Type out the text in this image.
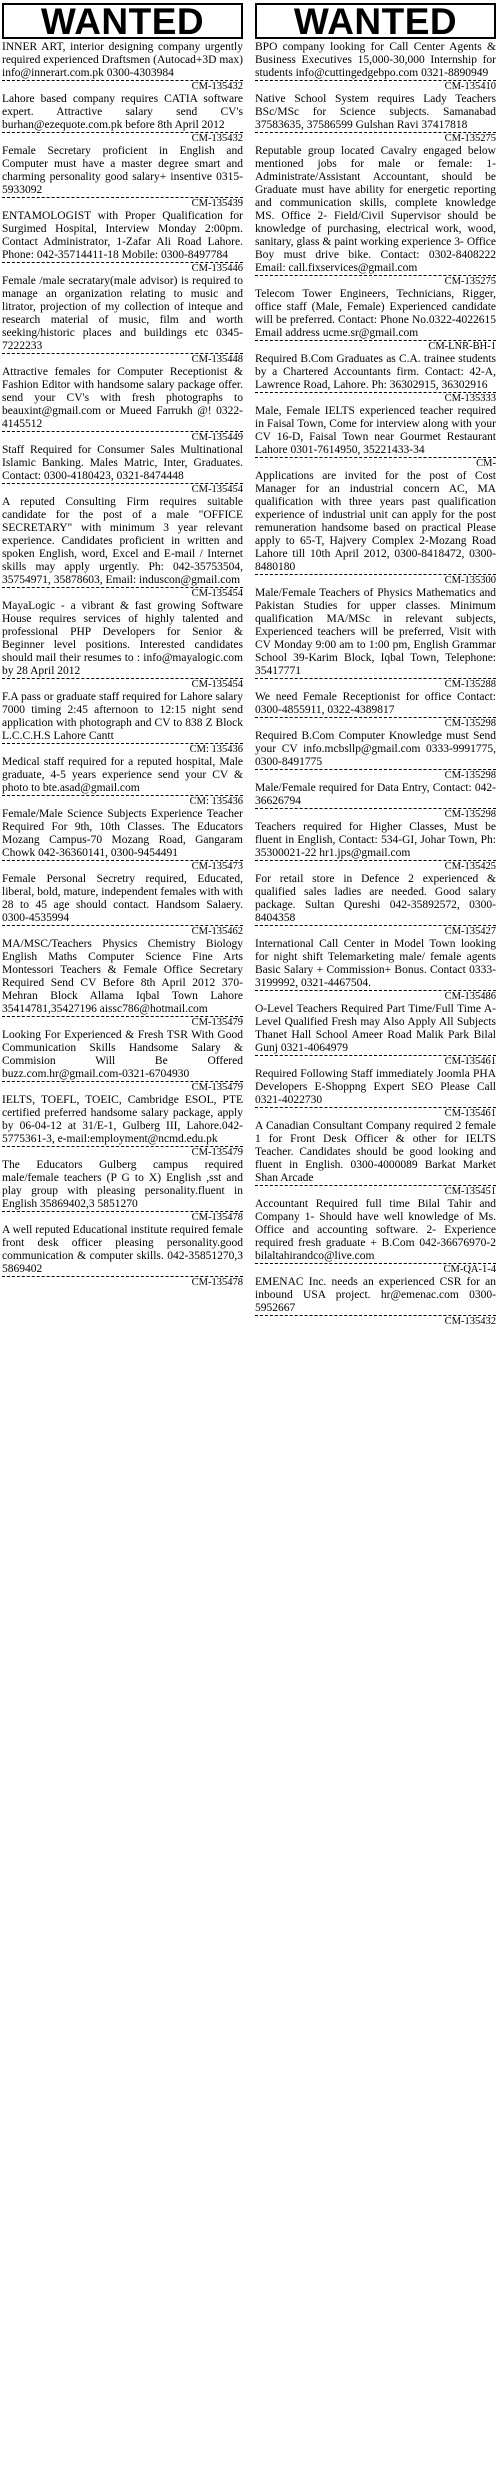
WANTED
INNER ART, interior designing company urgently required experienced Draftsmen (Autocad+3D max) info@innerart.com.pk 0300-4303984
CM-135432
Lahore based company requires CATIA software expert. Attractive salary send CV's burhan@ezequote.com.pk before 8th April 2012
CM-135432
Female Secretary proficient in English and Computer must have a master degree smart and charming personality good salary+ insentive 0315-5933092
CM-135439
ENTAMOLOGIST with Proper Qualification for Surgimed Hospital, Interview Monday 2:00pm. Contact Administrator, 1-Zafar Ali Road Lahore. Phone: 042-35714411-18 Mobile: 0300-8497784
CM-135446
Female /male secratary(male advisor) is required to manage an organization relating to music and litrator, projection of my collection of inteque and research material of music, film and worth seeking/historic places and buildings etc 0345-7222233
CM-135448
Attractive females for Computer Receptionist & Fashion Editor with handsome salary package offer. send your CV's with fresh photographs to beauxint@gmail.com or Mueed Farrukh @! 0322-4145512
CM-135449
Staff Required for Consumer Sales Multinational Islamic Banking. Males Matric, Inter, Graduates. Contact: 0300-4180423, 0321-8474448
CM-135454
A reputed Consulting Firm requires suitable candidate for the post of a male "OFFICE SECRETARY" with minimum 3 year relevant experience. Candidates proficient in written and spoken English, word, Excel and E-mail / Internet skills may apply urgently. Ph: 042-35753504, 35754971, 35878603, Email: induscon@gmail.com
CM-135454
MayaLogic - a vibrant & fast growing Software House requires services of highly talented and professional PHP Developers for Senior & Beginner level positions. Interested candidates should mail their resumes to : info@mayalogic.com by 28 April 2012
CM-135454
F.A pass or graduate staff required for Lahore salary 7000 timing 2:45 afternoon to 12:15 night send application with photograph and CV to 838 Z Block L.C.C.H.S Lahore Cantt
CM: 135436
Medical staff required for a reputed hospital, Male graduate, 4-5 years experience send your CV & photo to bte.asad@gmail.com
CM: 135436
Female/Male Science Subjects Experience Teacher Required For 9th, 10th Classes. The Educators Mozang Campus-70 Mozang Road, Gangaram Chowk 042-36360141, 0300-9454491
CM-135473
Female Personal Secretry required, Educated, liberal, bold, mature, independent females with with 28 to 45 age should contact. Handsom Salaery. 0300-4535994
CM-135462
MA/MSC/Teachers Physics Chemistry Biology English Maths Computer Science Fine Arts Montessori Teachers & Female Office Secretary Required Send CV Before 8th April 2012 370-Mehran Block Allama Iqbal Town Lahore 35414781,35427196 aissc786@hotmail.com
CM-135479
Looking For Experienced & Fresh TSR With Good Communication Skills Handsome Salary & Commision Will Be Offered buzz.com.hr@gmail.com-0321-6704930
CM-135479
IELTS, TOEFL, TOEIC, Cambridge ESOL, PTE certified preferred handsome salary package, apply by 06-04-12 at 31/E-1, Gulberg III, Lahore.042-5775361-3, e-mail:employment@ncmd.edu.pk
CM-135479
The Educators Gulberg campus required male/female teachers (P G to X) English ,sst and play group with pleasing personality.fluent in English 35869402,3 5851270
CM-135478
A well reputed Educational institute required female front desk officer pleasing personality.good communication & computer skills. 042-35851270,3 5869402
CM-135478
WANTED
BPO company looking for Call Center Agents & Business Executives 15,000-30,000 Internship for students info@cuttingedgebpo.com 0321-8890949
CM-135410
Native School System requires Lady Teachers BSc/MSc for Science subjects. Samanabad 37583635, 37586599 Gulshan Ravi 37417818
CM-135275
Reputable group located Cavalry engaged below mentioned jobs for male or female: 1-Administrate/Assistant Accountant, should be Graduate must have ability for energetic reporting and communication skills, complete knowledge MS. Office 2- Field/Civil Supervisor should be knowledge of purchasing, electrical work, wood, sanitary, glass & paint working experience 3- Office Boy must drive bike. Contact: 0302-8408222 Email: call.fixservices@gmail.com
CM-135275
Telecom Tower Engineers, Technicians, Rigger, office staff (Male, Female) Experienced candidate will be preferred. Contact: Phone No.0322-4022615 Email address ucme.sr@gmail.com
CM-LNR-BH-1
Required B.Com Graduates as C.A. trainee students by a Chartered Accountants firm. Contact: 42-A, Lawrence Road, Lahore. Ph: 36302915, 36302916
CM-135333
Male, Female IELTS experienced teacher required in Faisal Town, Come for interview along with your CV 16-D, Faisal Town near Gourmet Restaurant Lahore 0301-7614950, 35221433-34
CM-
Applications are invited for the post of Cost Manager for an industrial concern AC, MA qualification with three years past qualification experience of industrial unit can apply for the post remuneration handsome based on practical Please apply to 65-T, Hajvery Complex 2-Mozang Road Lahore till 10th April 2012, 0300-8418472, 0300-8480180
CM-135300
Male/Female Teachers of Physics Mathematics and Pakistan Studies for upper classes. Minimum qualification MA/MSc in relevant subjects, Experienced teachers will be preferred, Visit with CV Monday 9:00 am to 1:00 pm, English Grammar School 39-Karim Block, Iqbal Town, Telephone: 35417771
CM-135288
We need Female Receptionist for office Contact: 0300-4855911, 0322-4389817
CM-135298
Required B.Com Computer Knowledge must Send your CV info.mcbsllp@gmail.com 0333-9991775, 0300-8491775
CM-135298
Male/Female required for Data Entry, Contact: 042-36626794
CM-135298
Teachers required for Higher Classes, Must be fluent in English, Contact: 534-GI, Johar Town, Ph: 35300021-22 hr1.jps@gmail.com
CM-135425
For retail store in Defence 2 experienced & qualified sales ladies are needed. Good salary package. Sultan Qureshi 042-35892572, 0300-8404358
CM-135427
International Call Center in Model Town looking for night shift Telemarketing male/ female agents Basic Salary + Commission+ Bonus. Contact 0333-3199992, 0321-4467504.
CM-135486
O-Level Teachers Required Part Time/Full Time A-Level Qualified Fresh may Also Apply All Subjects Thanet Hall School Ameer Road Malik Park Bilal Gunj 0321-4064979
CM-135461
Required Following Staff immediately Joomla PHA Developers E-Shoppng Expert SEO Please Call 0321-4022730
CM-135461
A Canadian Consultant Company required 2 female 1 for Front Desk Officer & other for IELTS Teacher. Candidates should be good looking and fluent in English. 0300-4000089 Barkat Market Shan Arcade
CM-135451
Accountant Required full time Bilal Tahir and Company 1- Should have well knowledge of Ms. Office and accounting software. 2- Experience required fresh graduate + B.Com 042-36676970-2 bilaltahirandco@live.com
CM-QA-1-4
EMENAC Inc. needs an experienced CSR for an inbound USA project. hr@emenac.com 0300-5952667
CM-135432
